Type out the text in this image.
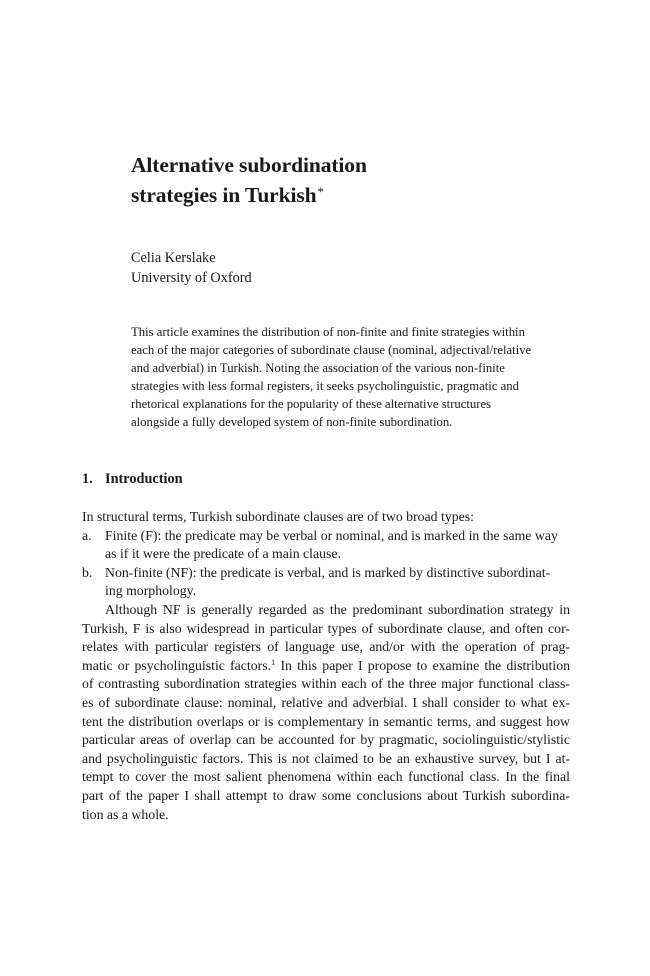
Alternative subordination
strategies in Turkish*
Celia Kerslake
University of Oxford
This article examines the distribution of non-finite and finite strategies within
each of the major categories of subordinate clause (nominal, adjectival/relative
and adverbial) in Turkish. Noting the association of the various non-finite
strategies with less formal registers, it seeks psycholinguistic, pragmatic and
rhetorical explanations for the popularity of these alternative structures
alongside a fully developed system of non-finite subordination.
1. Introduction
In structural terms, Turkish subordinate clauses are of two broad types:
a. Finite (F): the predicate may be verbal or nominal, and is marked in the same way
as if it were the predicate of a main clause.
b. Non-finite (NF): the predicate is verbal, and is marked by distinctive subordinat-
ing morphology.
Although NF is generally regarded as the predominant subordination strategy in
Turkish, F is also widespread in particular types of subordinate clause, and often cor-
relates with particular registers of language use, and/or with the operation of prag-
matic or psycholinguistic factors.$^1$ In this paper I propose to examine the distribution
of contrasting subordination strategies within each of the three major functional class-
es of subordinate clause: nominal, relative and adverbial. I shall consider to what ex-
tent the distribution overlaps or is complementary in semantic terms, and suggest how
particular areas of overlap can be accounted for by pragmatic, sociolinguistic/stylistic
and psycholinguistic factors. This is not claimed to be an exhaustive survey, but I at-
tempt to cover the most salient phenomena within each functional class. In the final
part of the paper I shall attempt to draw some conclusions about Turkish subordina-
tion as a whole.
